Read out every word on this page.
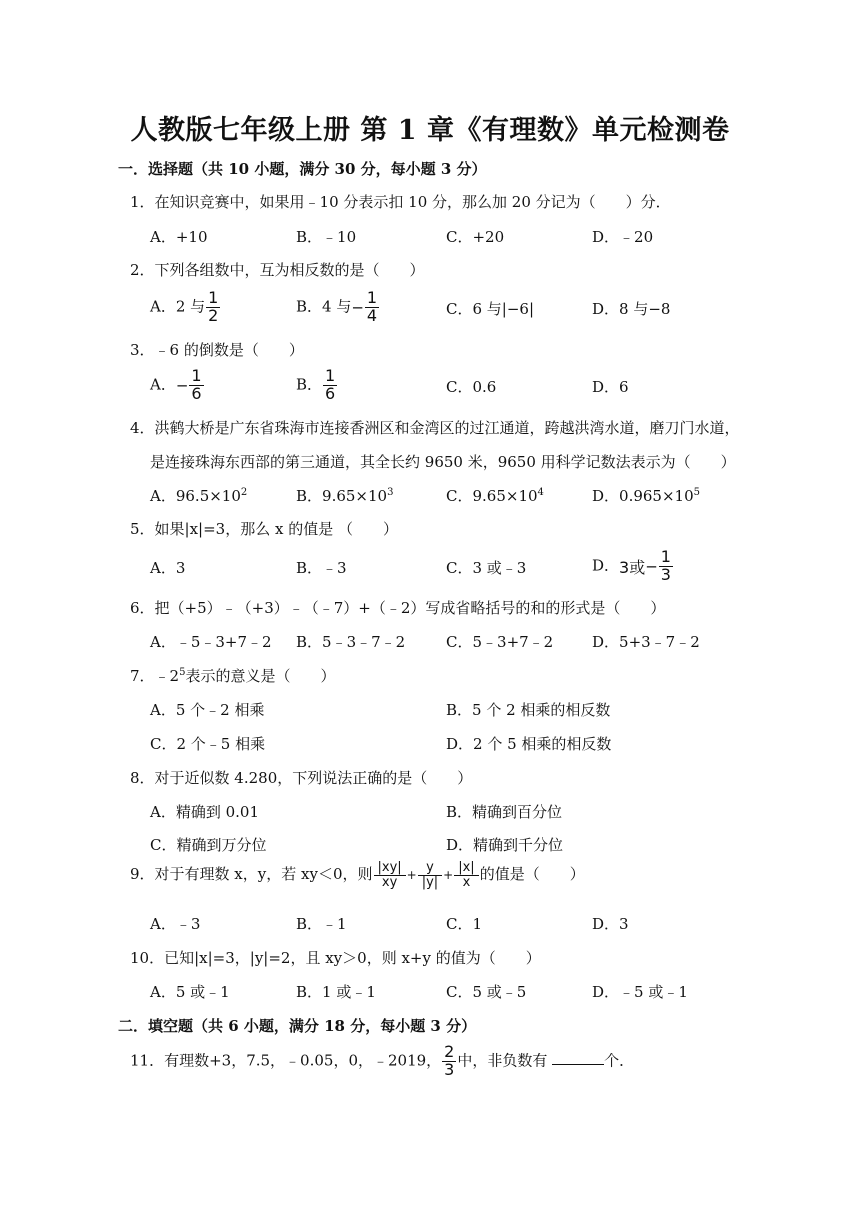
人教版七年级上册 第 1 章《有理数》单元检测卷
一．选择题（共 10 小题，满分 30 分，每小题 3 分）
1．在知识竞赛中，如果用﹣10 分表示扣 10 分，那么加 20 分记为（　　）分．
A．+10	B．﹣10	C．+20	D．﹣20
2．下列各组数中，互为相反数的是（　　）
A．2 与 $\frac{1}{2}$	B．4 与− $\frac{1}{4}$	C．6 与|−6|	D．8 与−8
3．﹣6 的倒数是（　　）
A．− $\frac{1}{6}$	B． $\frac{1}{6}$	C．0.6	D．6
4．洪鹤大桥是广东省珠海市连接香洲区和金湾区的过江通道，跨越洪湾水道，磨刀门水道，
是连接珠海东西部的第三通道，其全长约 9650 米，9650 用科学记数法表示为（　　）
A．$96.5\times 10^2$	B．$9.65\times 10^3$	C．$9.65\times 10^4$	D．$0.965\times 10^5$
5．如果|x|=3，那么 x 的值是 （　　）
A．3	B．﹣3	C．3 或﹣3	D．3或− $\frac{1}{3}$
6．把（+5）﹣（+3）﹣（﹣7）+（﹣2）写成省略括号的和的形式是（　　）
A．﹣5﹣3+7﹣2 B．5﹣3﹣7﹣2	C．5﹣3+7﹣2	D．5+3﹣7﹣2
7．$﹣2^5$表示的意义是（　　）
A．5 个﹣2 相乘	B．5 个 2 相乘的相反数
C．2 个﹣5 相乘	D．2 个 5 相乘的相反数
8．对于近似数 4.280，下列说法正确的是（　　）
A．精确到 0.01	B．精确到百分位
C．精确到万分位	D．精确到千分位
9．对于有理数 x，y，若 xy＜0，则 $\frac{|xy|}{xy} + \frac{y}{|y|} + \frac{|x|}{x}$ 的值是（　　）
A．﹣3	B．﹣1	C．1	D．3
10．已知|x|=3，|y|=2，且 xy＞0，则 x+y 的值为（　　）
A．5 或﹣1	B．1 或﹣1	C．5 或﹣5	D．﹣5 或﹣1
二．填空题（共 6 小题，满分 18 分，每小题 3 分）
11．有理数+3，7.5，﹣0.05，0，﹣2019， $\frac{2}{3}$ 中，非负数有	个．
